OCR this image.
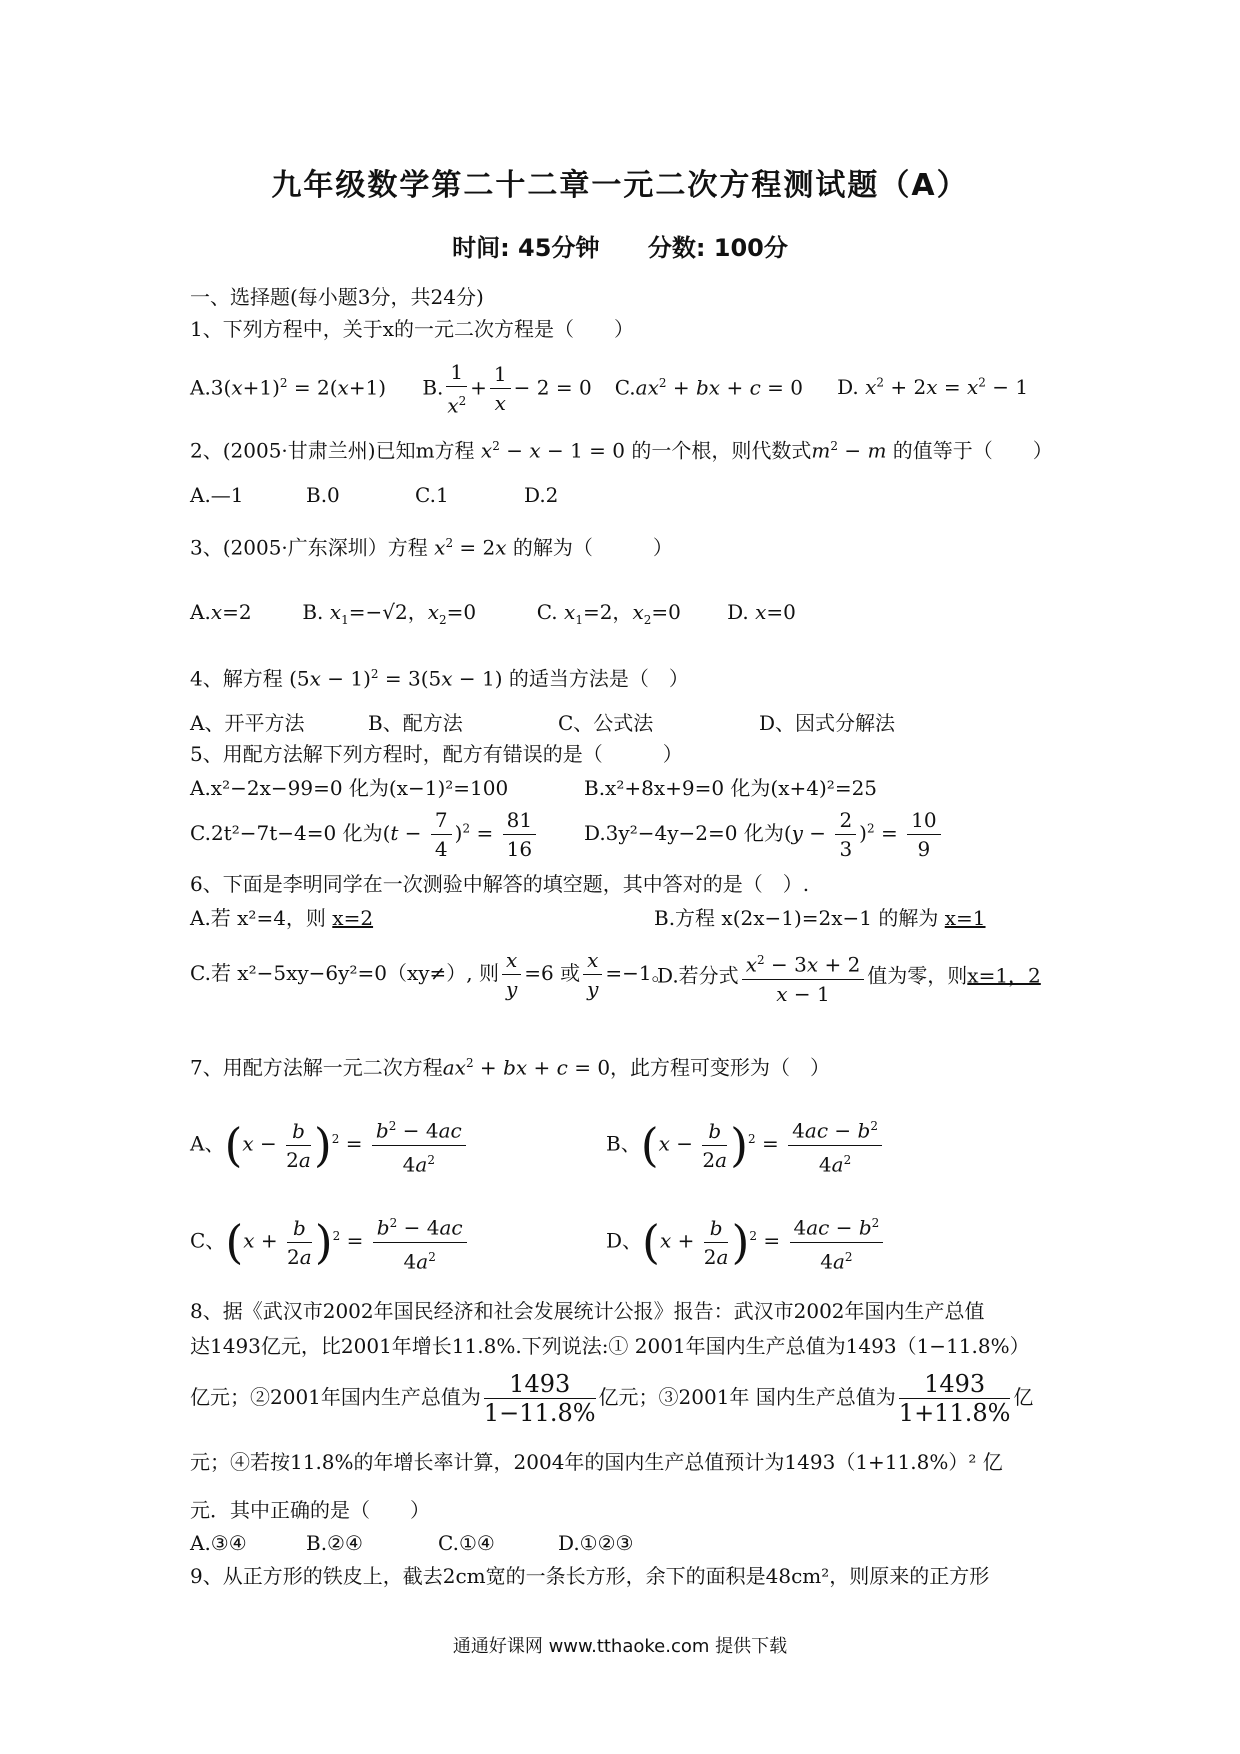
九年级数学第二十二章一元二次方程测试题（A）
时间: 45分钟 分数: 100分
一、选择题(每小题3分，共24分)
1、下列方程中，关于x的一元二次方程是（　　）
$A.3(x+1)^2 = 2(x+1)$ B. $\frac{1}{x^2} + \frac{1}{x} - 2 = 0$ $C.ax^2$ + bx + c = 0 D. $x^2 + 2x = x^2 - 1$
2、(2005·甘肃兰州)已知m方程 $x^2 - x - 1 = 0$ 的一个根，则代数式$m^2 - m$ 的值等于（　　）
A.—1	B.0	C.1	D.2
3、(2005·广东深圳）方程 $x^2 = 2x$ 的解为（　　　）
A.x=2	B. $x_1=-√2$，$x_2=0$	C. $x_1=2$，$x_2=0$ D. x=0
4、解方程 $(5x - 1)^2 = 3(5x - 1)$ 的适当方法是（　）
A、开平方法	B、配方法	C、公式法	D、因式分解法
5、用配方法解下列方程时，配方有错误的是（　　　）
A.x²−2x−99=0 化为(x−1)²=100	B.x²+8x+9=0 化为(x+4)²=25
C.2t²−7t−4=0 化为$(t - \frac{7}{4} )^2 = \frac{81}{16} D.3y^2-4y-2=0$ 化为$(y - \frac{2}{3} )^2 = \frac{10}{9}$
6、下面是李明同学在一次测验中解答的填空题，其中答对的是（　）.
A.若 x²=4，则 x=2	B.方程 x(2x−1)=2x−1 的解为 x=1
C.若 x²−5xy−6y²=0（xy≠）, 则 $\frac{x}{y} =6$ 或 $\frac{x}{y} =-1$。
D.若分式 $\frac{x^2 - 3x + 2}{x - 1}$ 值为零，则x=1，2
7、用配方法解一元二次方程$ax^2$ + bx + c = 0，此方程可变形为（　）
A、$(x - \frac{b}{2a} )^2 = \frac{b^2 - 4ac}{4a^2}$	B、$(x - \frac{b}{2a} )^2 = \frac{4ac - b^2}{4a^2}$
C、$(x + \frac{b}{2a} )^2 = \frac{b^2 - 4ac}{4a^2}$	D、$(x + \frac{b}{2a} )^2 = \frac{4ac - b^2}{4a^2}$
8、据《武汉市2002年国民经济和社会发展统计公报》报告：武汉市2002年国内生产总值
达1493亿元，比2001年增长11.8%.下列说法:① 2001年国内生产总值为1493（1−11.8%）
亿元；②2001年国内生产总值为 $\frac{1493}{1-11.8\%}$ 亿元；③2001年 国内生产总值为 $\frac{1493}{1+11.8\%}$ 亿
元；④若按11.8%的年增长率计算，2004年的国内生产总值预计为1493（1+11.8%）² 亿
元．其中正确的是（　　）
A.③④	B.②④	C.①④	D.①②③
9、从正方形的铁皮上，截去2cm宽的一条长方形，余下的面积是48cm²，则原来的正方形
通通好课网 www.tthaoke.com 提供下载
